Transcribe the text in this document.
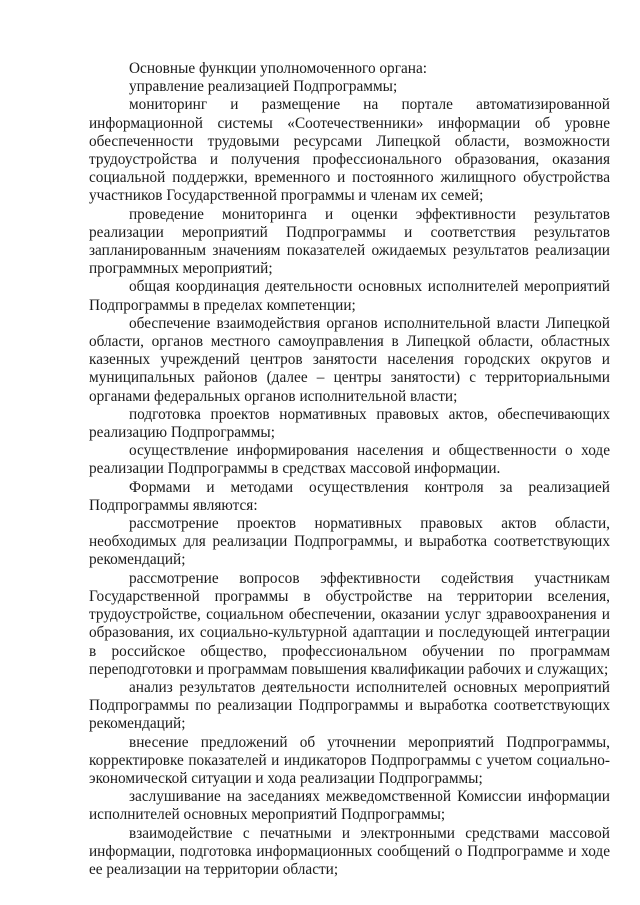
Основные функции уполномоченного органа:

управление реализацией Подпрограммы;

мониторинг и размещение на портале автоматизированной информационной системы «Соотечественники» информации об уровне обеспеченности трудовыми ресурсами Липецкой области, возможности трудоустройства и получения профессионального образования, оказания социальной поддержки, временного и постоянного жилищного обустройства участников Государственной программы и членам их семей;

проведение мониторинга и оценки эффективности результатов реализации мероприятий Подпрограммы и соответствия результатов запланированным значениям показателей ожидаемых результатов реализации программных мероприятий;

общая координация деятельности основных исполнителей мероприятий Подпрограммы в пределах компетенции;

обеспечение взаимодействия органов исполнительной власти Липецкой области, органов местного самоуправления в Липецкой области, областных казенных учреждений центров занятости населения городских округов и муниципальных районов (далее – центры занятости) с территориальными органами федеральных органов исполнительной власти;

подготовка проектов нормативных правовых актов, обеспечивающих реализацию Подпрограммы;

осуществление информирования населения и общественности о ходе реализации Подпрограммы в средствах массовой информации.

Формами и методами осуществления контроля за реализацией Подпрограммы являются:

рассмотрение проектов нормативных правовых актов области, необходимых для реализации Подпрограммы, и выработка соответствующих рекомендаций;

рассмотрение вопросов эффективности содействия участникам Государственной программы в обустройстве на территории вселения, трудоустройстве, социальном обеспечении, оказании услуг здравоохранения и образования, их социально-культурной адаптации и последующей интеграции в российское общество, профессиональном обучении по программам переподготовки и программам повышения квалификации рабочих и служащих;

анализ результатов деятельности исполнителей основных мероприятий Подпрограммы по реализации Подпрограммы и выработка соответствующих рекомендаций;

внесение предложений об уточнении мероприятий Подпрограммы, корректировке показателей и индикаторов Подпрограммы с учетом социально-экономической ситуации и хода реализации Подпрограммы;

заслушивание на заседаниях межведомственной Комиссии информации исполнителей основных мероприятий Подпрограммы;

взаимодействие с печатными и электронными средствами массовой информации, подготовка информационных сообщений о Подпрограмме и ходе ее реализации на территории области;
